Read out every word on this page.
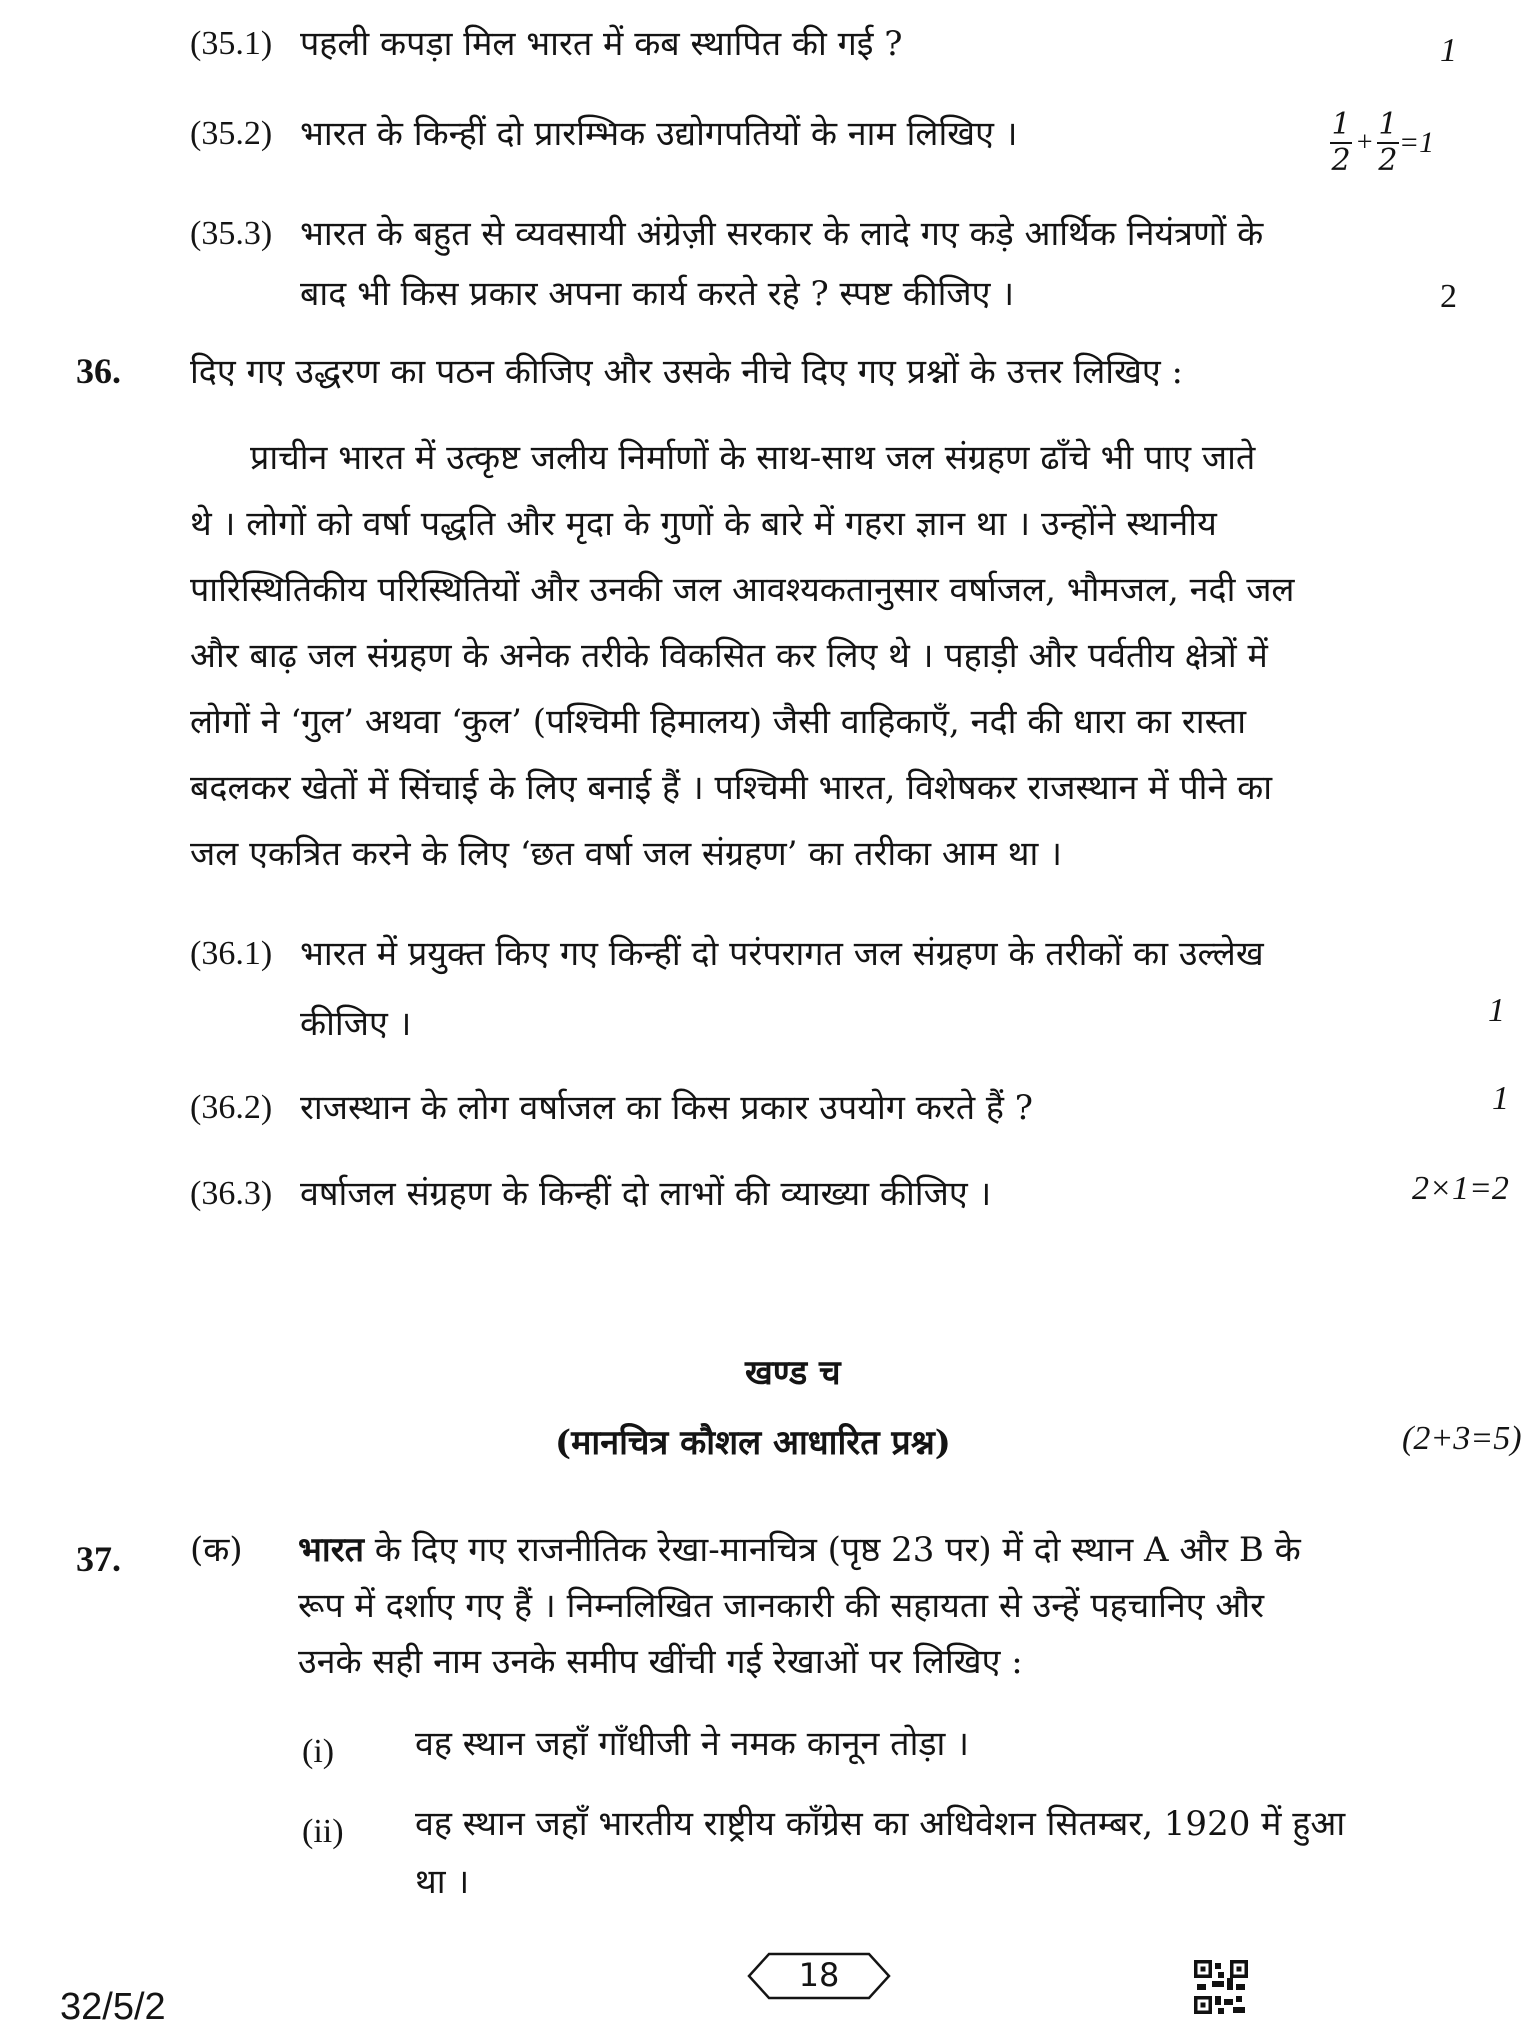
(35.1) पहली कपड़ा मिल भारत में कब स्थापित की गई ?	1
(35.2) भारत के किन्हीं दो प्रारम्भिक उद्योगपतियों के नाम लिखिए ।	$\frac{1}{2} + \frac{1}{2} =1$
(35.3) भारत के बहुत से व्यवसायी अंग्रेज़ी सरकार के लादे गए कड़े आर्थिक नियंत्रणों के
बाद भी किस प्रकार अपना कार्य करते रहे ? स्पष्ट कीजिए ।	2
36. दिए गए उद्धरण का पठन कीजिए और उसके नीचे दिए गए प्रश्नों के उत्तर लिखिए :
प्राचीन भारत में उत्कृष्ट जलीय निर्माणों के साथ-साथ जल संग्रहण ढाँचे भी पाए जाते
थे । लोगों को वर्षा पद्धति और मृदा के गुणों के बारे में गहरा ज्ञान था । उन्होंने स्थानीय
पारिस्थितिकीय परिस्थितियों और उनकी जल आवश्यकतानुसार वर्षाजल, भौमजल, नदी जल
और बाढ़ जल संग्रहण के अनेक तरीके विकसित कर लिए थे । पहाड़ी और पर्वतीय क्षेत्रों में
लोगों ने ‘गुल’ अथवा ‘कुल’ (पश्चिमी हिमालय) जैसी वाहिकाएँ, नदी की धारा का रास्ता
बदलकर खेतों में सिंचाई के लिए बनाई हैं । पश्चिमी भारत, विशेषकर राजस्थान में पीने का
जल एकत्रित करने के लिए ‘छत वर्षा जल संग्रहण’ का तरीका आम था ।
(36.1) भारत में प्रयुक्त किए गए किन्हीं दो परंपरागत जल संग्रहण के तरीकों का उल्लेख
कीजिए ।	1
(36.2) राजस्थान के लोग वर्षाजल का किस प्रकार उपयोग करते हैं ?	1
(36.3) वर्षाजल संग्रहण के किन्हीं दो लाभों की व्याख्या कीजिए ।	2×1=2
खण्ड च
(मानचित्र कौशल आधारित प्रश्न)	(2+3=5)
37. (क) भारत के दिए गए राजनीतिक रेखा-मानचित्र (पृष्ठ 23 पर) में दो स्थान A और B के
रूप में दर्शाए गए हैं । निम्नलिखित जानकारी की सहायता से उन्हें पहचानिए और
उनके सही नाम उनके समीप खींची गई रेखाओं पर लिखिए :
(i) वह स्थान जहाँ गाँधीजी ने नमक कानून तोड़ा ।
(ii) वह स्थान जहाँ भारतीय राष्ट्रीय काँग्रेस का अधिवेशन सितम्बर, 1920 में हुआ
था ।
18
32/5/2
